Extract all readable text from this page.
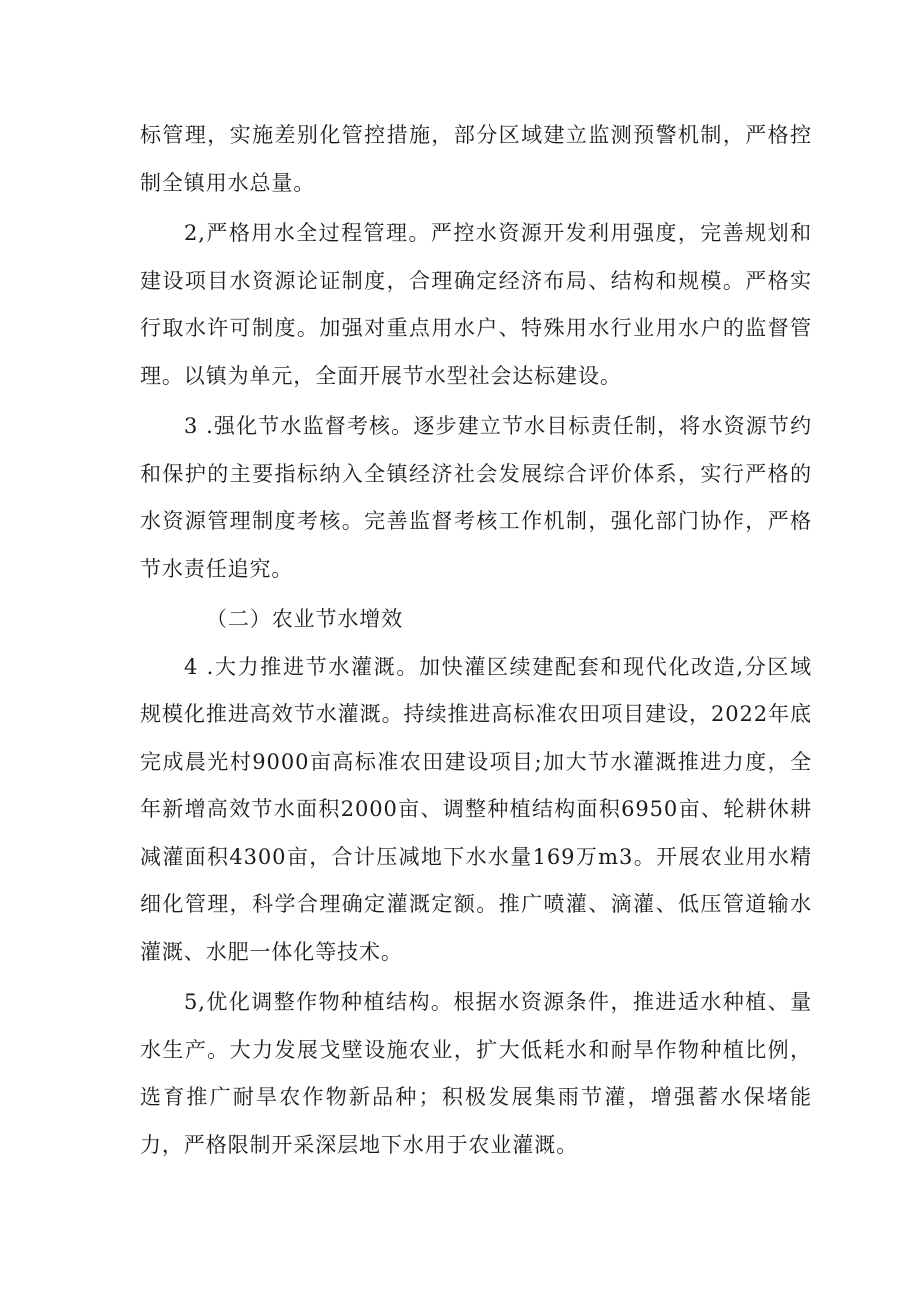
标管理，实施差别化管控措施，部分区域建立监测预警机制，严格控制全镇用水总量。

2,严格用水全过程管理。严控水资源开发利用强度，完善规划和建设项目水资源论证制度，合理确定经济布局、结构和规模。严格实行取水许可制度。加强对重点用水户、特殊用水行业用水户的监督管理。以镇为单元，全面开展节水型社会达标建设。

3 .强化节水监督考核。逐步建立节水目标责任制，将水资源节约和保护的主要指标纳入全镇经济社会发展综合评价体系，实行严格的水资源管理制度考核。完善监督考核工作机制，强化部门协作，严格节水责任追究。

（二）农业节水增效

4 .大力推进节水灌溉。加快灌区续建配套和现代化改造,分区域规模化推进高效节水灌溉。持续推进高标准农田项目建设，2022年底完成晨光村9000亩高标准农田建设项目;加大节水灌溉推进力度，全年新增高效节水面积2000亩、调整种植结构面积6950亩、轮耕休耕减灌面积4300亩，合计压减地下水水量169万m3。开展农业用水精细化管理，科学合理确定灌溉定额。推广喷灌、滴灌、低压管道输水灌溉、水肥一体化等技术。

5,优化调整作物种植结构。根据水资源条件，推进适水种植、量水生产。大力发展戈壁设施农业，扩大低耗水和耐旱作物种植比例，选育推广耐旱农作物新品种；积极发展集雨节灌，增强蓄水保堵能力，严格限制开采深层地下水用于农业灌溉。
